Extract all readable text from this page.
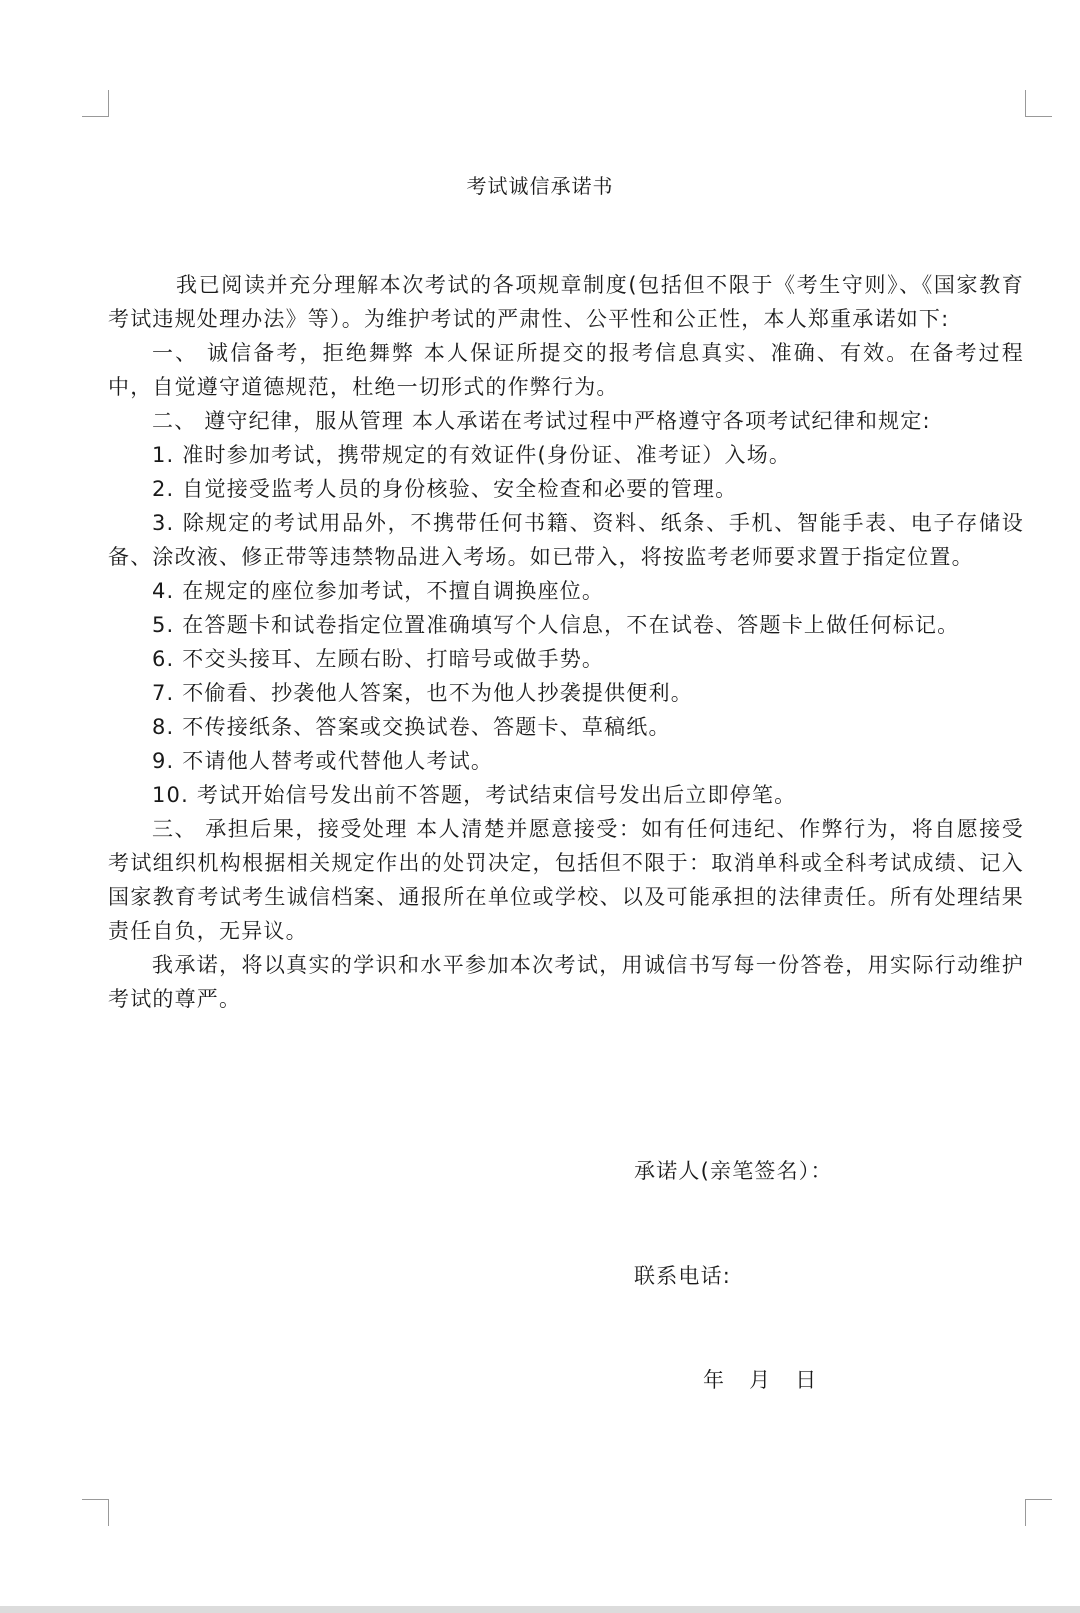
考试诚信承诺书

我已阅读并充分理解本次考试的各项规章制度(包括但不限于《考生守则》、《国家教育考试违规处理办法》等）。为维护考试的严肃性、公平性和公正性，本人郑重承诺如下:

一、 诚信备考，拒绝舞弊 本人保证所提交的报考信息真实、准确、有效。在备考过程中，自觉遵守道德规范，杜绝一切形式的作弊行为。

二、 遵守纪律，服从管理 本人承诺在考试过程中严格遵守各项考试纪律和规定:

1. 准时参加考试，携带规定的有效证件(身份证、准考证）入场。

2. 自觉接受监考人员的身份核验、安全检查和必要的管理。

3. 除规定的考试用品外，不携带任何书籍、资料、纸条、手机、智能手表、电子存储设备、涂改液、修正带等违禁物品进入考场。如已带入，将按监考老师要求置于指定位置。

4. 在规定的座位参加考试，不擅自调换座位。

5. 在答题卡和试卷指定位置准确填写个人信息，不在试卷、答题卡上做任何标记。

6. 不交头接耳、左顾右盼、打暗号或做手势。

7. 不偷看、抄袭他人答案，也不为他人抄袭提供便利。

8. 不传接纸条、答案或交换试卷、答题卡、草稿纸。

9. 不请他人替考或代替他人考试。

10. 考试开始信号发出前不答题，考试结束信号发出后立即停笔。

三、 承担后果，接受处理 本人清楚并愿意接受：如有任何违纪、作弊行为，将自愿接受考试组织机构根据相关规定作出的处罚决定，包括但不限于：取消单科或全科考试成绩、记入国家教育考试考生诚信档案、通报所在单位或学校、以及可能承担的法律责任。所有处理结果责任自负，无异议。

我承诺，将以真实的学识和水平参加本次考试，用诚信书写每一份答卷，用实际行动维护考试的尊严。

承诺人(亲笔签名）：
联系电话:
年 月 日
